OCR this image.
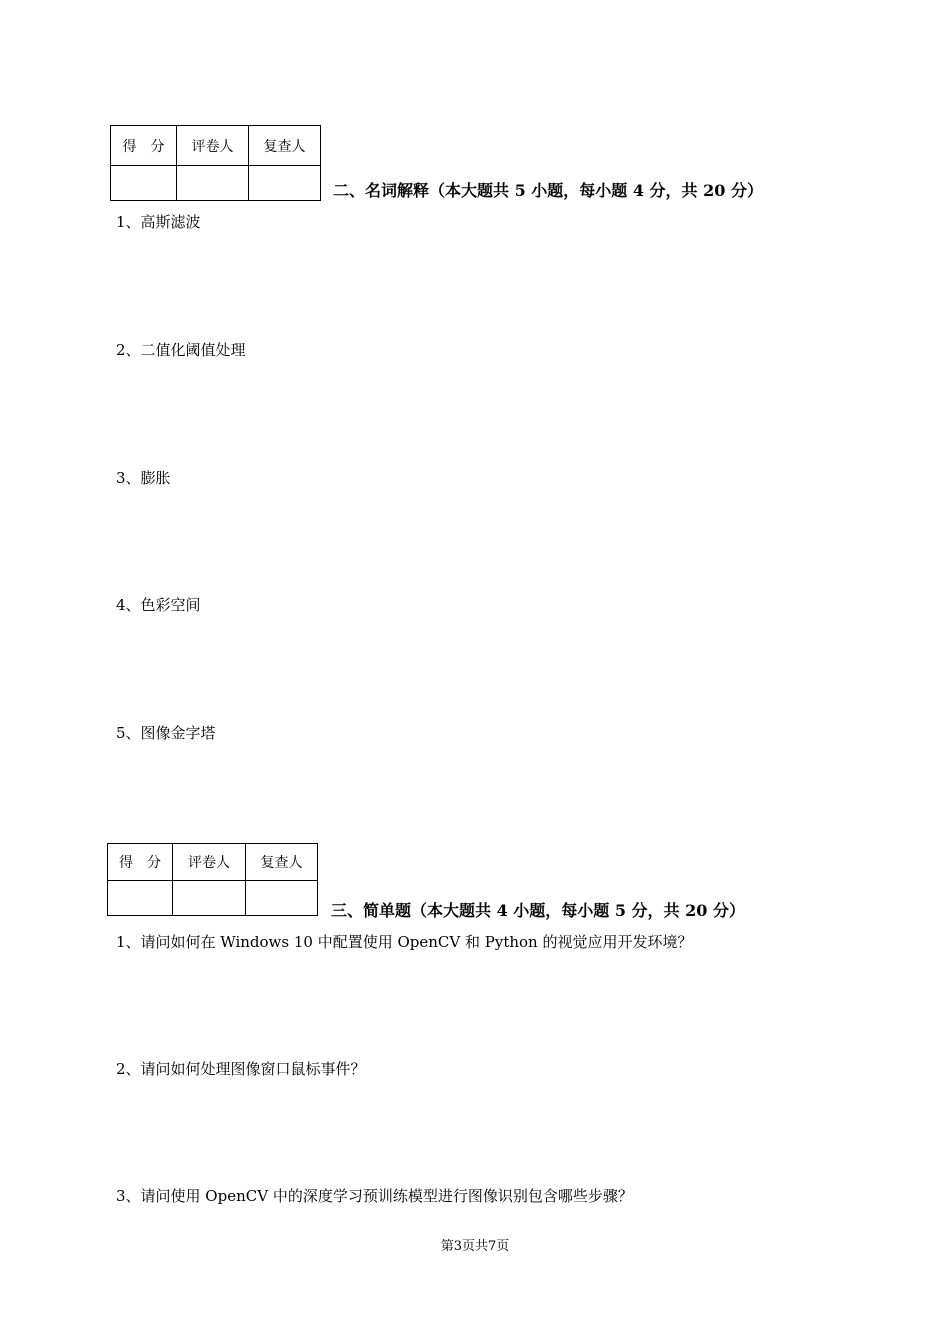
得　分	评卷人	复查人

二、名词解释（本大题共 5 小题，每小题 4 分，共 20 分）
1、高斯滤波
2、二值化阈值处理
3、膨胀
4、色彩空间
5、图像金字塔
得　分	评卷人	复查人

三、简单题（本大题共 4 小题，每小题 5 分，共 20 分）
1、请问如何在 Windows 10 中配置使用 OpenCV 和 Python 的视觉应用开发环境？
2、请问如何处理图像窗口鼠标事件？
3、请问使用 OpenCV 中的深度学习预训练模型进行图像识别包含哪些步骤？
第3页共7页
